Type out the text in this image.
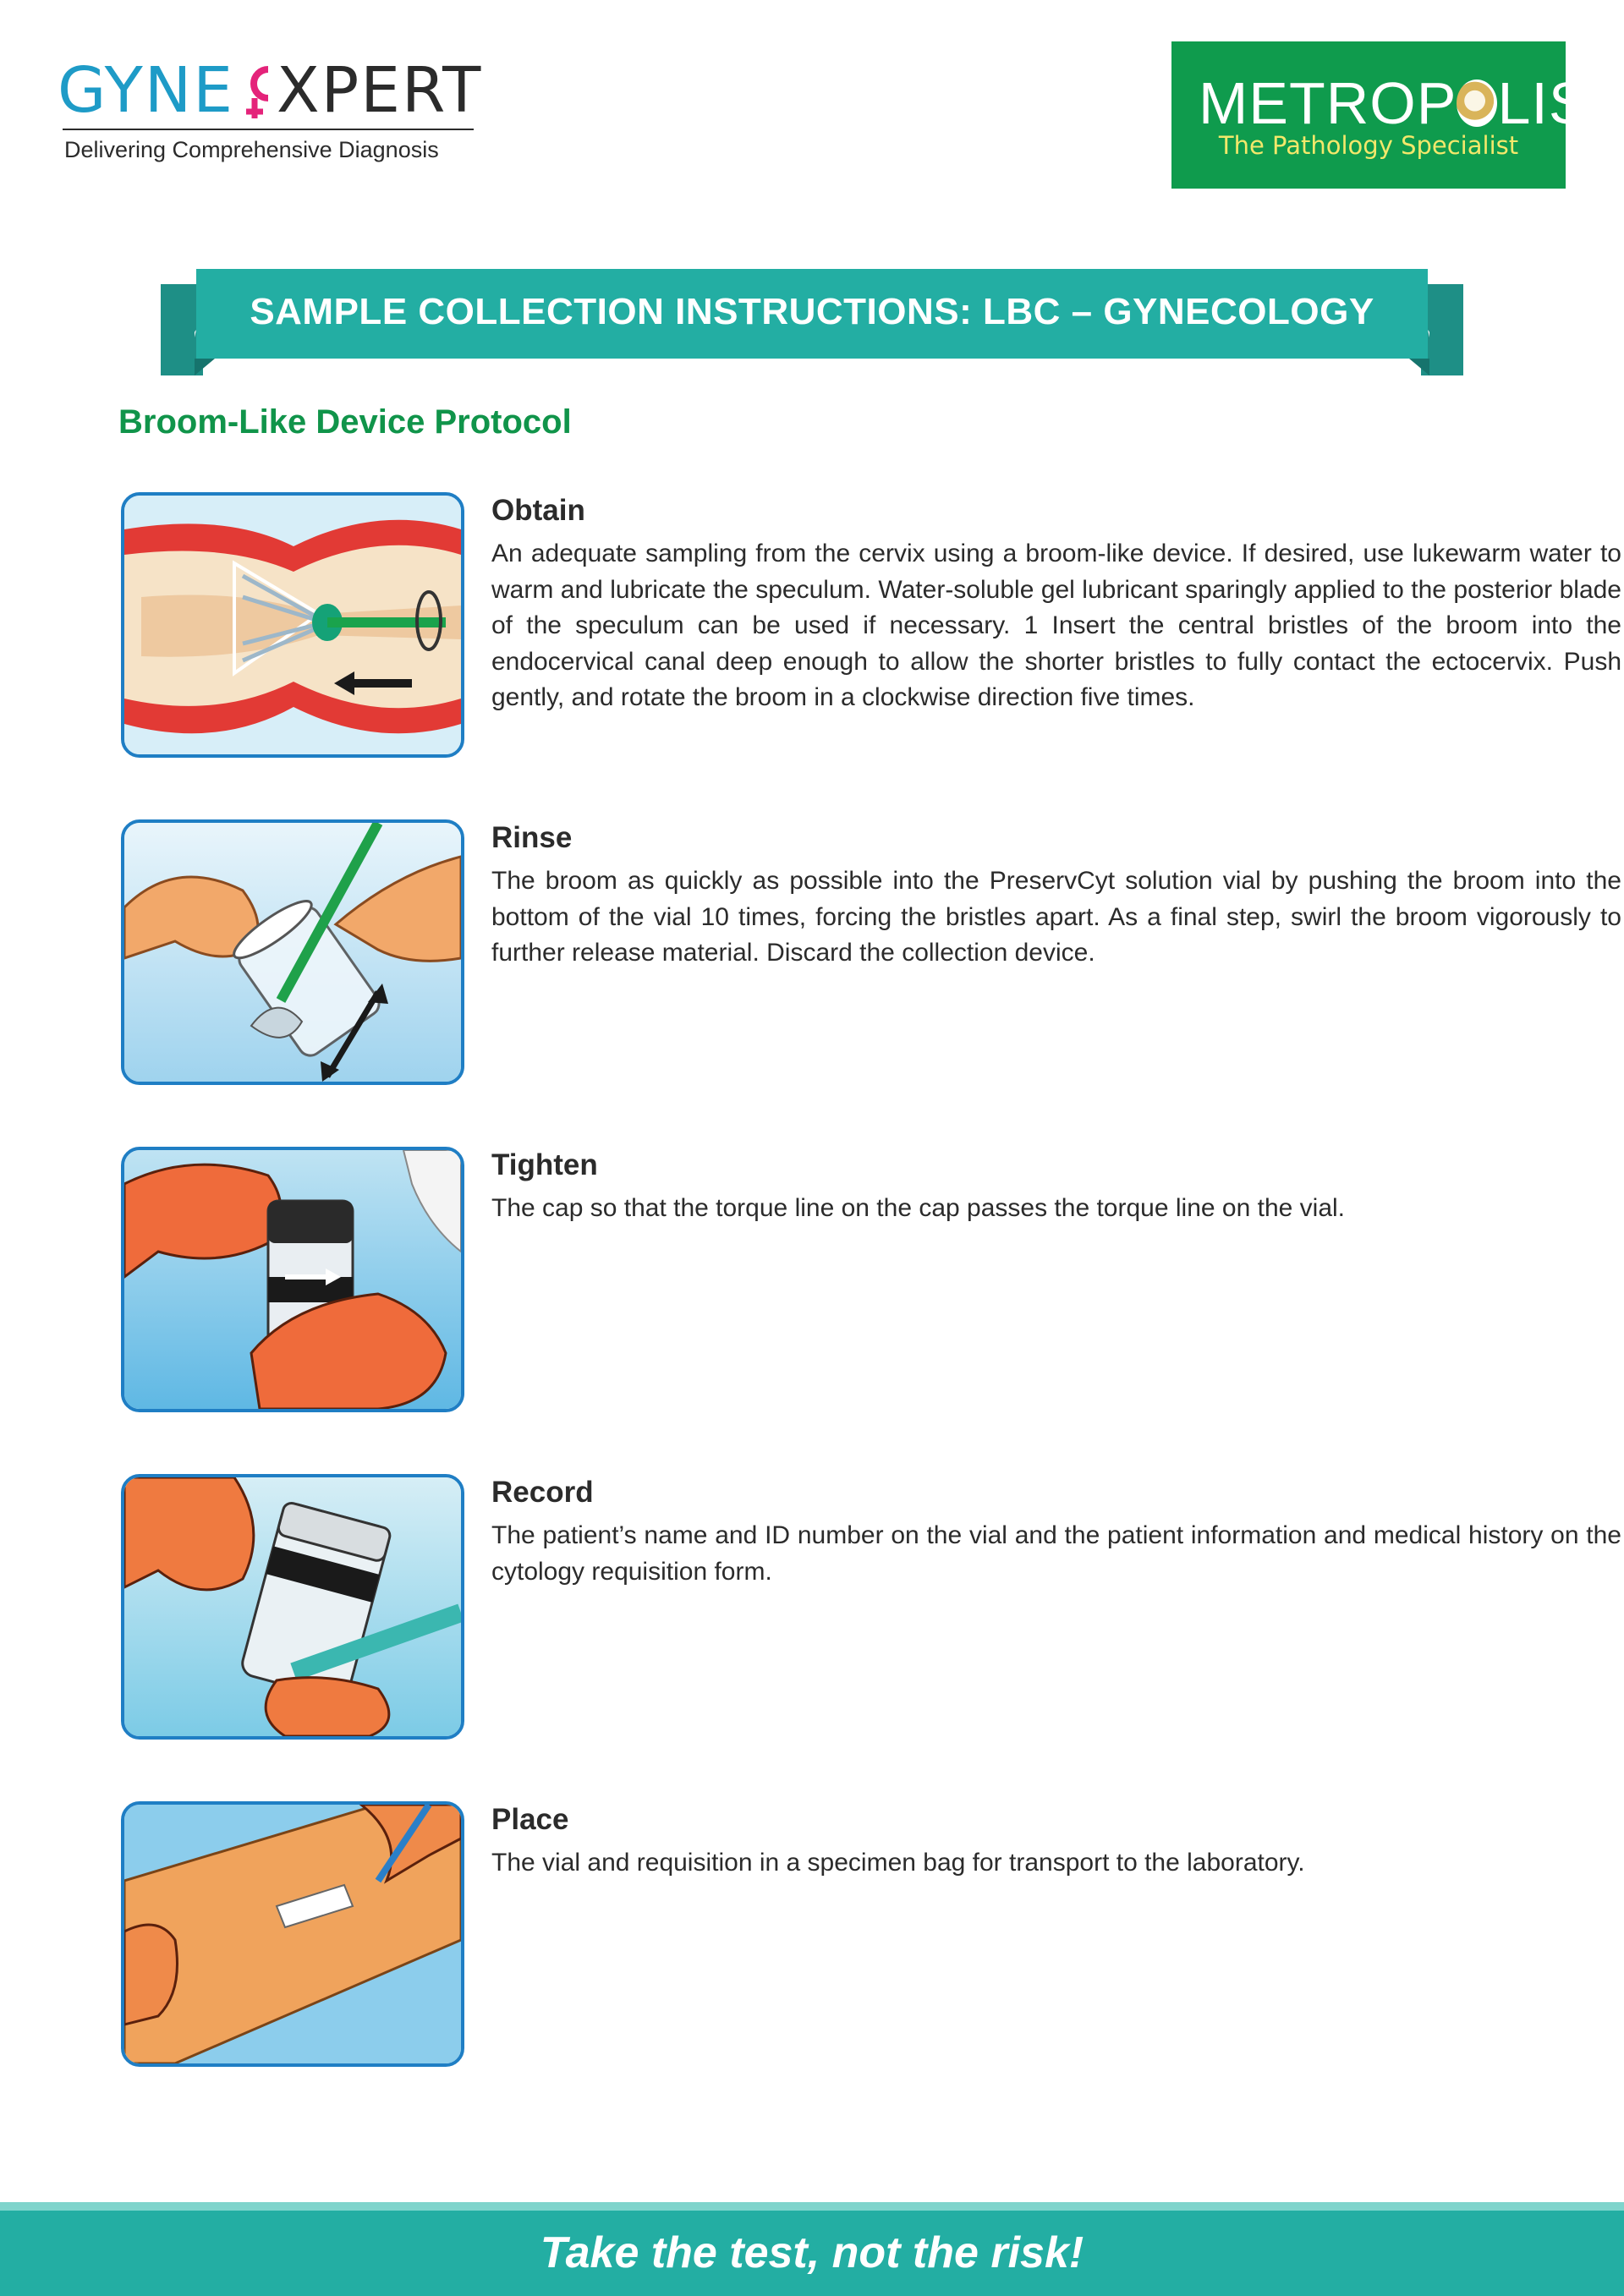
GYNE XPERT
Delivering Comprehensive Diagnosis
METROP LIS
The Pathology Specialist
SAMPLE COLLECTION INSTRUCTIONS: LBC – GYNECOLOGY
Broom-Like Device Protocol
Obtain
An adequate sampling from the cervix using a broom-like device. If desired, use lukewarm water to warm and lubricate the speculum. Water-soluble gel lubricant sparingly applied to the posterior blade of the speculum can be used if necessary. 1 Insert the central bristles of the broom into the endocervical canal deep enough to allow the shorter bristles to fully contact the ectocervix. Push gently, and rotate the broom in a clockwise direction five times.
Rinse
The broom as quickly as possible into the PreservCyt solution vial by pushing the broom into the bottom of the vial 10 times, forcing the bristles apart. As a final step, swirl the broom vigorously to further release material. Discard the collection device.
Tighten
The cap so that the torque line on the cap passes the torque line on the vial.
Record
The patient’s name and ID number on the vial and the patient information and medical history on the cytology requisition form.
Place
The vial and requisition in a specimen bag for transport to the laboratory.
Take the test, not the risk!
